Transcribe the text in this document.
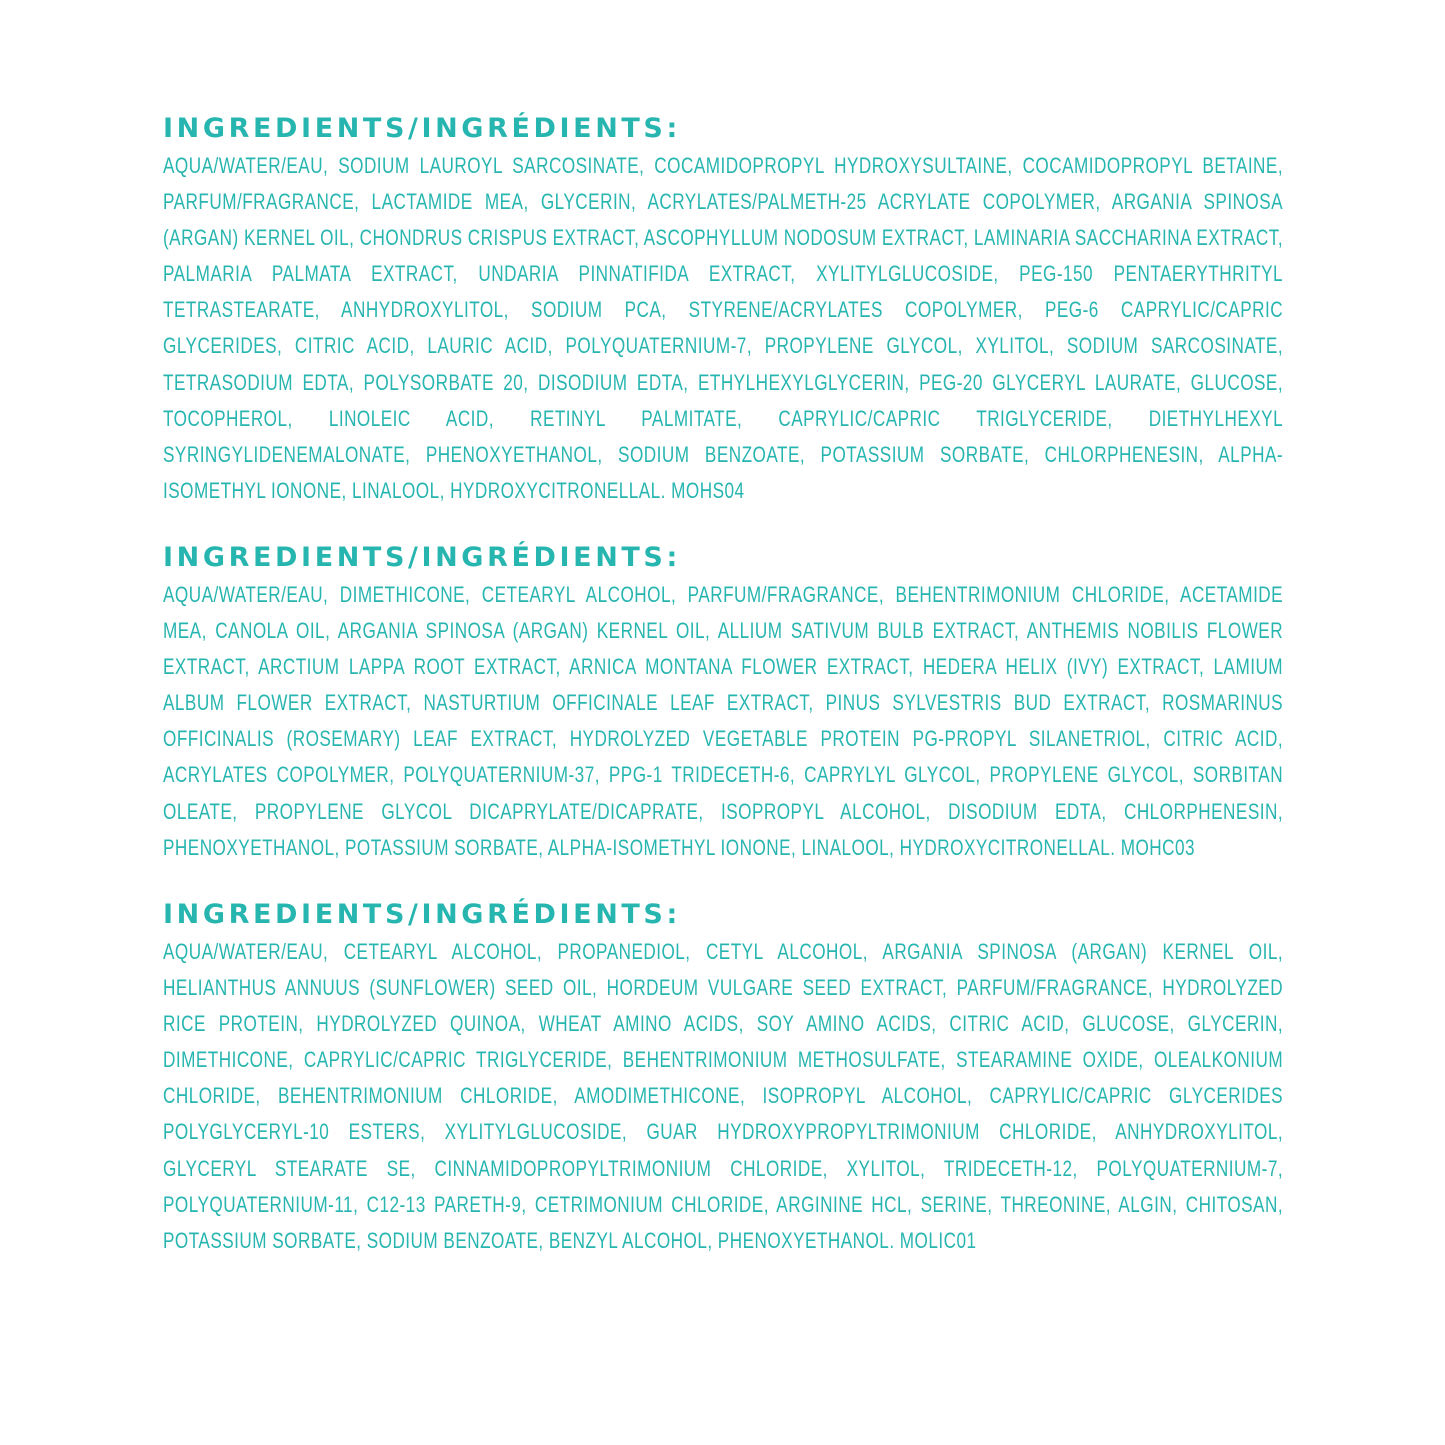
INGREDIENTS/INGRÉDIENTS:

AQUA/WATER/EAU, SODIUM LAUROYL SARCOSINATE, COCAMIDOPROPYL HYDROXYSULTAINE, COCAMIDOPROPYL BETAINE, PARFUM/FRAGRANCE, LACTAMIDE MEA, GLYCERIN, ACRYLATES/PALMETH-25 ACRYLATE COPOLYMER, ARGANIA SPINOSA (ARGAN) KERNEL OIL, CHONDRUS CRISPUS EXTRACT, ASCOPHYLLUM NODOSUM EXTRACT, LAMINARIA SACCHARINA EXTRACT, PALMARIA PALMATA EXTRACT, UNDARIA PINNATIFIDA EXTRACT, XYLITYLGLUCOSIDE, PEG-150 PENTAERYTHRITYL TETRASTEARATE, ANHYDROXYLITOL, SODIUM PCA, STYRENE/ACRYLATES COPOLYMER, PEG-6 CAPRYLIC/CAPRIC GLYCERIDES, CITRIC ACID, LAURIC ACID, POLYQUATERNIUM-7, PROPYLENE GLYCOL, XYLITOL, SODIUM SARCOSINATE, TETRASODIUM EDTA, POLYSORBATE 20, DISODIUM EDTA, ETHYLHEXYLGLYCERIN, PEG-20 GLYCERYL LAURATE, GLUCOSE, TOCOPHEROL, LINOLEIC ACID, RETINYL PALMITATE, CAPRYLIC/CAPRIC TRIGLYCERIDE, DIETHYLHEXYL SYRINGYLIDENEMALONATE, PHENOXYETHANOL, SODIUM BENZOATE, POTASSIUM SORBATE, CHLORPHENESIN, ALPHA-ISOMETHYL IONONE, LINALOOL, HYDROXYCITRONELLAL. MOHS04

INGREDIENTS/INGRÉDIENTS:

AQUA/WATER/EAU, DIMETHICONE, CETEARYL ALCOHOL, PARFUM/FRAGRANCE, BEHENTRIMONIUM CHLORIDE, ACETAMIDE MEA, CANOLA OIL, ARGANIA SPINOSA (ARGAN) KERNEL OIL, ALLIUM SATIVUM BULB EXTRACT, ANTHEMIS NOBILIS FLOWER EXTRACT, ARCTIUM LAPPA ROOT EXTRACT, ARNICA MONTANA FLOWER EXTRACT, HEDERA HELIX (IVY) EXTRACT, LAMIUM ALBUM FLOWER EXTRACT, NASTURTIUM OFFICINALE LEAF EXTRACT, PINUS SYLVESTRIS BUD EXTRACT, ROSMARINUS OFFICINALIS (ROSEMARY) LEAF EXTRACT, HYDROLYZED VEGETABLE PROTEIN PG-PROPYL SILANETRIOL, CITRIC ACID, ACRYLATES COPOLYMER, POLYQUATERNIUM-37, PPG-1 TRIDECETH-6, CAPRYLYL GLYCOL, PROPYLENE GLYCOL, SORBITAN OLEATE, PROPYLENE GLYCOL DICAPRYLATE/DICAPRATE, ISOPROPYL ALCOHOL, DISODIUM EDTA, CHLORPHENESIN, PHENOXYETHANOL, POTASSIUM SORBATE, ALPHA-ISOMETHYL IONONE, LINALOOL, HYDROXYCITRONELLAL. MOHC03

INGREDIENTS/INGRÉDIENTS:

AQUA/WATER/EAU, CETEARYL ALCOHOL, PROPANEDIOL, CETYL ALCOHOL, ARGANIA SPINOSA (ARGAN) KERNEL OIL, HELIANTHUS ANNUUS (SUNFLOWER) SEED OIL, HORDEUM VULGARE SEED EXTRACT, PARFUM/FRAGRANCE, HYDROLYZED RICE PROTEIN, HYDROLYZED QUINOA, WHEAT AMINO ACIDS, SOY AMINO ACIDS, CITRIC ACID, GLUCOSE, GLYCERIN, DIMETHICONE, CAPRYLIC/CAPRIC TRIGLYCERIDE, BEHENTRIMONIUM METHOSULFATE, STEARAMINE OXIDE, OLEALKONIUM CHLORIDE, BEHENTRIMONIUM CHLORIDE, AMODIMETHICONE, ISOPROPYL ALCOHOL, CAPRYLIC/CAPRIC GLYCERIDES POLYGLYCERYL-10 ESTERS, XYLITYLGLUCOSIDE, GUAR HYDROXYPROPYLTRIMONIUM CHLORIDE, ANHYDROXYLITOL, GLYCERYL STEARATE SE, CINNAMIDOPROPYLTRIMONIUM CHLORIDE, XYLITOL, TRIDECETH-12, POLYQUATERNIUM-7, POLYQUATERNIUM-11, C12-13 PARETH-9, CETRIMONIUM CHLORIDE, ARGININE HCL, SERINE, THREONINE, ALGIN, CHITOSAN, POTASSIUM SORBATE, SODIUM BENZOATE, BENZYL ALCOHOL, PHENOXYETHANOL. MOLIC01
